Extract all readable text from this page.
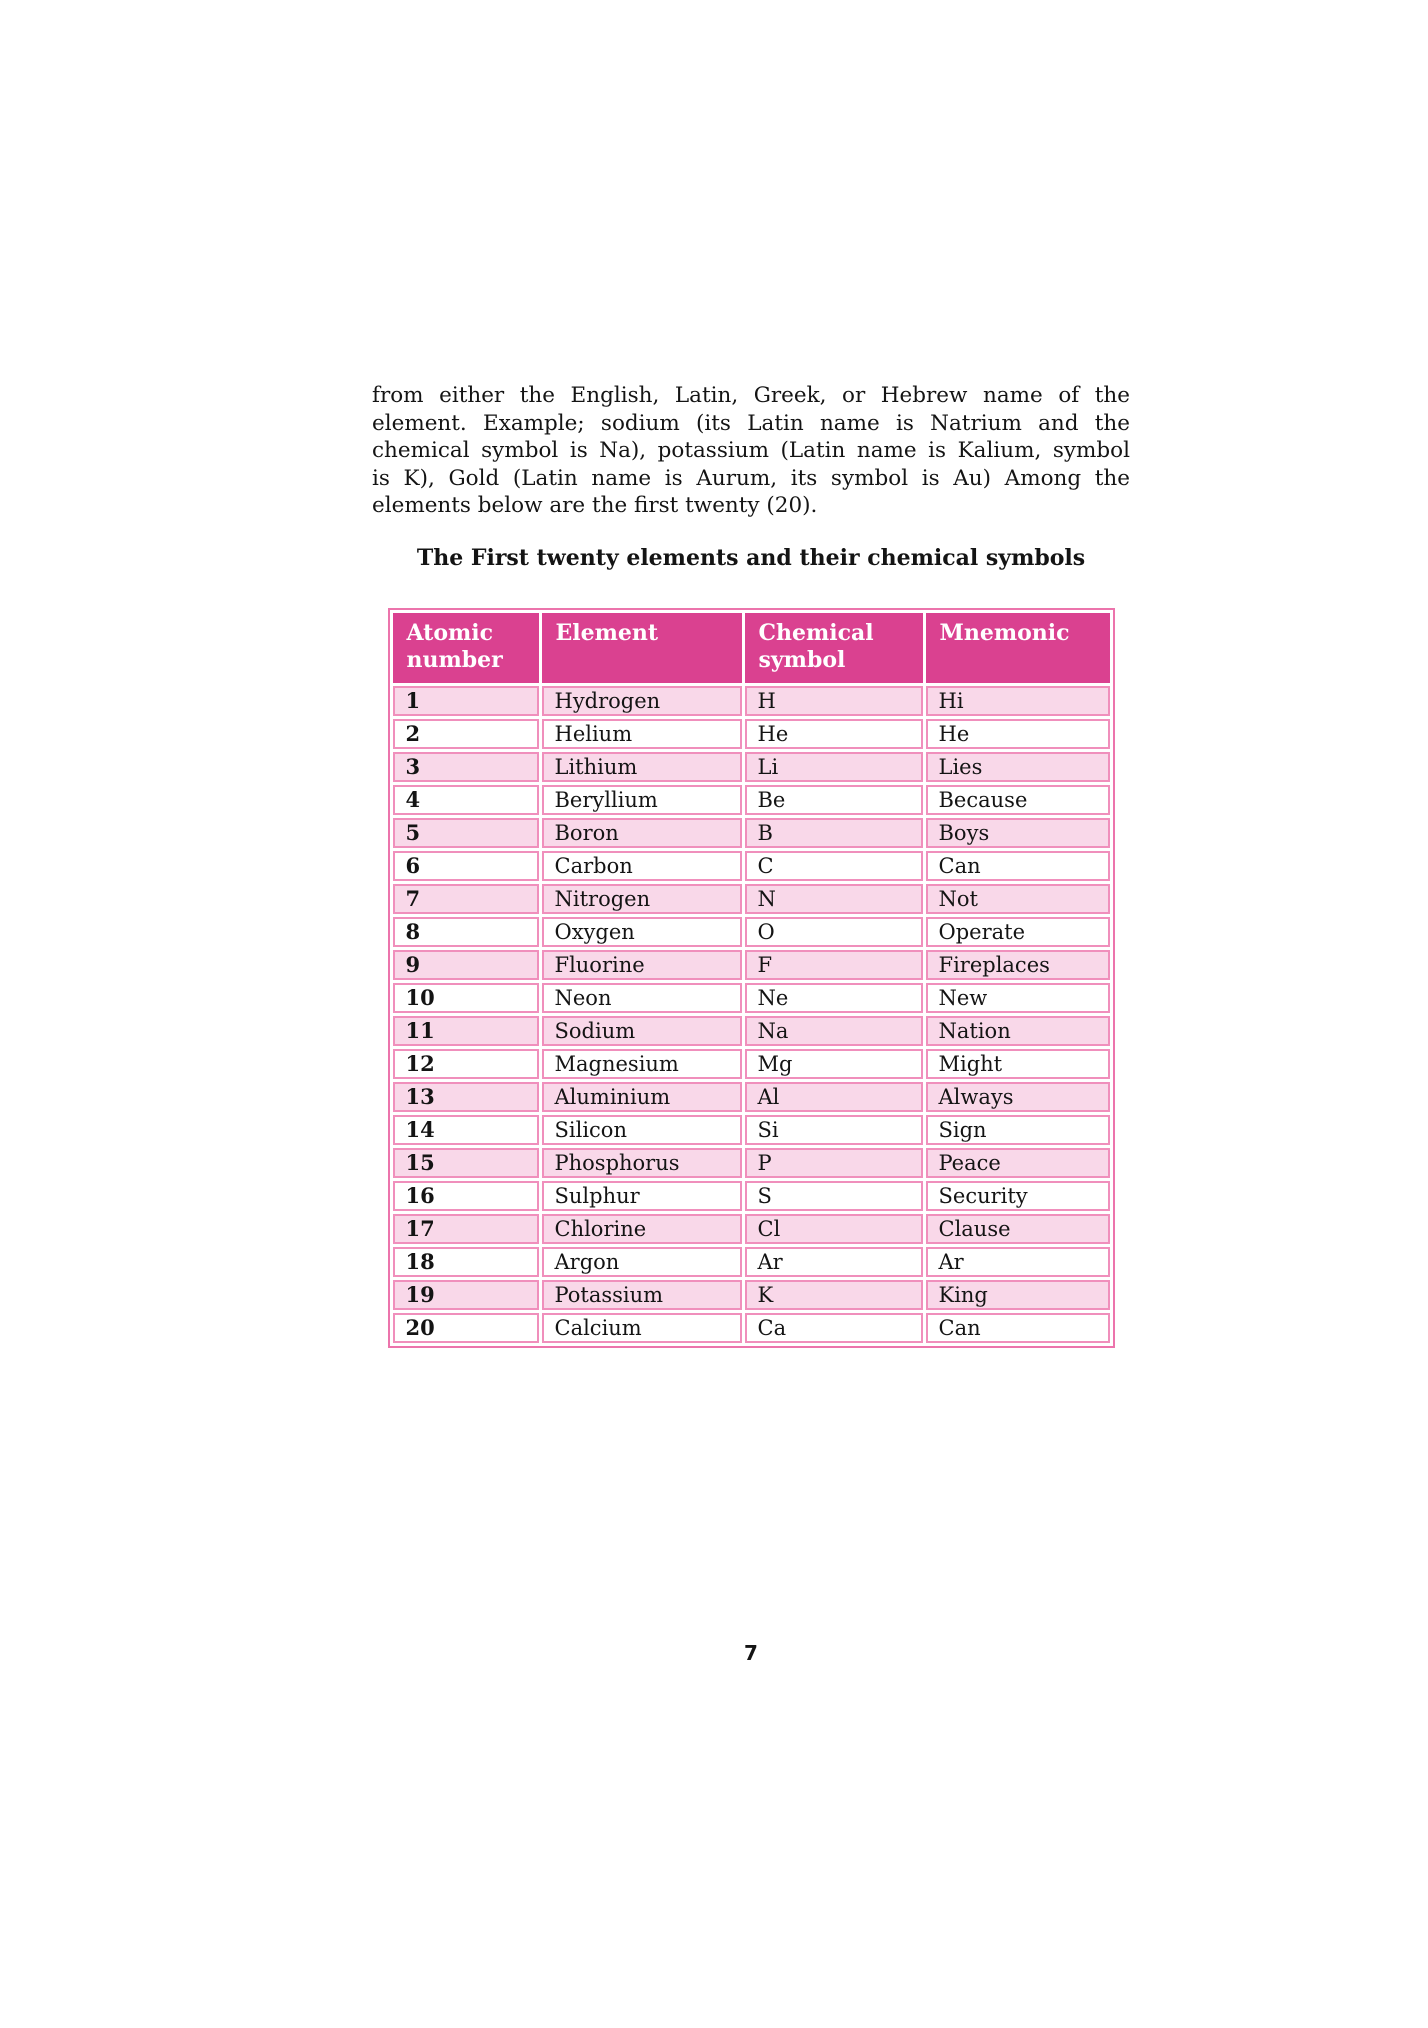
from either the English, Latin, Greek, or Hebrew name of the
element. Example; sodium (its Latin name is Natrium and the
chemical symbol is Na), potassium (Latin name is Kalium, symbol
is K), Gold (Latin name is Aurum, its symbol is Au) Among the
elements below are the first twenty (20).
The First twenty elements and their chemical symbols
Atomic number	Element	Chemical symbol	Mnemonic
1	Hydrogen	H	Hi
2	Helium	He	He
3	Lithium	Li	Lies
4	Beryllium	Be	Because
5	Boron	B	Boys
6	Carbon	C	Can
7	Nitrogen	N	Not
8	Oxygen	O	Operate
9	Fluorine	F	Fireplaces
10	Neon	Ne	New
11	Sodium	Na	Nation
12	Magnesium	Mg	Might
13	Aluminium	Al	Always
14	Silicon	Si	Sign
15	Phosphorus	P	Peace
16	Sulphur	S	Security
17	Chlorine	Cl	Clause
18	Argon	Ar	Ar
19	Potassium	K	King
20	Calcium	Ca	Can
7
